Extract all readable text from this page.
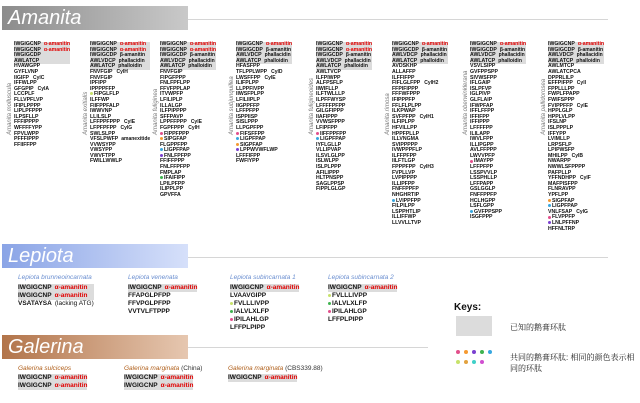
Amanita
Lepiota
Galerina
Amanita molluscula
IWGIGCNP α-amanitin
IWGIGCNP α-amanitin
IWGIGCDP
AWLATCP
HVAWGPP
GYFLVNP
IIGIFP CylC
IFFWLPP
GFGPIP CylA
LCCPLF
FLLVPFLVP
IFIPLPPPP
LIPLPFPPP
ILPSFLLP
FFFIPPPP
WFFFFYPP
FPVLWPP
PFFFIPPP
FFIIFFPP
Amanita exitialis
IWGIGCNP α-amanitin
IWGIGCNP α-amanitin
IWGIGCDP β-amanitin
AWLVDCP phallacidin
AWLATCP phalloidin
FNVFGIP CylH
FNVFGIP
IPFIPP
IPPPPFFP
FIPGLFLP
ILFFWP
FIIFPPFALP
IWWVNP
LLILSLP
LFFPPFPPP CylE
LFPFPFPP CylG
SWLSLPP
VFSLPWFP amanexitide
VVWSYPP
VWSYPP
VWVFTPP
FWILLWWLP
Amanita fuliginea
IWGIGCNP α-amanitin
IWGIGCNP α-amanitin
IWGIGCDP β-amanitin
AWLVDCP phallacidin
AWLATCP phalloidin
FNVFGIP
FIPGFPPP
FNLFPFLPP
FFVFPPLAP
ITVWPFP
LFILIPLP
ILLALGP
ILFPIPPPP
SFFPAVP
LPPFFPPP CylE
FGPFPPP CylH
FIPPFPPP
SIPGFAP
FLGPPFPP
LIGPFPAP
FNLFPFPP
FFIFFPPP
FNLFFPFPP
FMPLAP
IFAIFIPP
LPILPFPP
ILIPPLPP
GPVFFA
Amanita subjunquillea
IWGIGCNP α-amanitin
IWGIGCDP β-amanitin
AWLVDCP phallacidin
AWLATCP phalloidin
HFASFPP
TFLPPLWPP CylD
LWSFFPP CylE
ILIFPLPP
LLPPFIVPP
IIWSFPLPP
LFILIIPLP
IIGPPFFP
LFFPFPP
ISPPIISP
SISLPPP
LLPGPFPP
FIFSFFPP
LIGPFPAP
SIGPFAP
LPPWVWFLWP
LFFFIFPP
FWFIYPP
Amanita fuligineoides
IWGIGCNP α-amanitin
IWGIGCNP α-amanitin
IWGIGCDP β-amanitin
AWLVDCP phallacidin
AWLATCP phalloidin
AWLTVCP
ILFPIWPP
ALFPSFLP
IIWIFLLP
ILFTWLLLP
ILPFFWYSP
LFFFFPFPP
GILGFIPPP
IIAFIPPP
VVWSFPPP
LFIPFPP
IIFFPPFPP
LIGPFPAP
IYFLGLLP
VLLIPVAP
ILSVLGLPP
ISLWLPP
ISLPLPPP
AFILIPPP
HLTPNSPP
SAGLPPSP
FIPPLGLGP
Amanita rimosa
IWGIGCNP α-amanitin
IWGIGCDP β-amanitin
AWLVDCP phallacidin
AWLATCP phalloidin
AVDSKHP
ALLAFFP
ILFFIFPP
FIFLGLFPP CylH2
FFPIFIPPP
FFFWFPPP
IFIPPPFP
FFLFLPLPP
ILKPWAP
SVFPFPP CylH1
ILFIPLPP
HFVILLPP
HPPFPLLP
ILLVNGMA
SVIPPPPP
IVWPPPFLP
ILFFPFPP
IILFTLGP
FPPPFPP CylH3
FVPLLVP
LVPIPPPP
ILLIPFPP
FNFFPPFP
NHGHRTIP
LVIPPFPP
FILPILPP
LSPPHTLIP
ILLIFFWP
LLVVLLTVP
Amanita oberwinklerana
IWGIGCNP α-amanitin
IWGIGCDP β-amanitin
AWLVDCP phallacidin
AWLATCP phalloidin
VSVLSIPP
GVFPPSPP
SIVWSFPP
IFLGAIP
ISLPFVP
IGLPIVP
GLFLAIP
IFWPFAP
IFFLFFPP
IFFIFPP
IFFIPPP
LFFFFPP
ILILAPP
IWVLFPP
ILLIPGPP
AVLFFPPP
LWVVPFP
IMAYPP
LFFPFPP
LSSPVVLP
LSSPHLLP
LFFPAPP
GSLGGLP
FNFFPPFP
HCLHGPP
LSFLGPP
GVFPPSPP
ISGFPPP
Amanita pallidorosea
IWGIGCNP α-amanitin
IWGIGCDP β-amanitin
AWLVDCP phallacidin
AWLATCP phalloidin
AWLMTCP
AWLATCPCA
DPPRLILP
EFFPIFPP CylI
FPPLLLPP
FWPLFPAPP
FWIFSPPP
FVIPPFFP CylE
HPPLGLP
HPPLVLPP
IFSLNP
ISLPPPLP
IFFYPP
LVIMLLP
LRPSFLP
LPIPWSFP
MHILPP CylB
NWARPP
NWWLSFPPPP
PAFPLLP
YFFNDHPP CylF
MAFPISFPP
FLNRAVPP
YPFLPP
SIGPFAP
LIGPFPAP
VNLFSAP CylG
FLVPPFP
LNLPFFNP
HFFNLTRP
Lepiota brunneoincarnata
IWGIGCNP α-amanitin
IWGIGCNP α-amanitin
VSATAYSA (lacking ATG)
Lepiota venenata
IWGIGCNP α-amanitin
FFAPGLPFPP
FFVPGLPFPP
VVTVLFTPPP
Lepiota subincarnata 1
IWGIGCNP α-amanitin
LVAAVGIPP
FVLLLIVPP
IALVLXLFP
IPILAHLGP
LFFPLPIPP
Lepiota subincarnata 2
IWGIGCNP α-amanitin
FVLLLIVPP
IALVLXLFP
IPILAHLGP
LFFPLPIPP
Galerina sulciceps
IWGIGCNP α-amanitin
IWGIGCNP α-amanitin
Galerina marginata (China)
IWGIGCNP α-amanitin
IWGIGCNP α-amanitin
Galerina marginata (CBS339.88)
IWGIGCNP α-amanitin
Keys:
已知的鹅膏环肽
共同的鹅膏环肽: 相同的颜色表示相同的环肽
